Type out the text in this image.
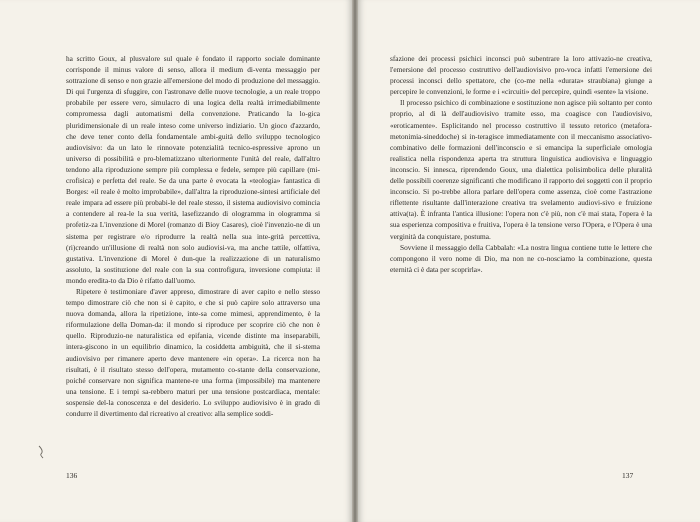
ha scritto Goux, al plusvalore sul quale è fondato il rapporto sociale dominante corrisponde il minus valore di senso, allora il medium di-venta messaggio per sottrazione di senso e non grazie all'emersione del modo di produzione del messaggio. Di qui l'urgenza di sfuggire, con l'astronave delle nuove tecnologie, a un reale troppo probabile per essere vero, simulacro di una logica della realtà irrimediabilmente compromessa dagli automatismi della convenzione. Praticando la lo-gica pluridimensionale di un reale inteso come universo indiziario. Un gioco d'azzardo, che deve tener conto della fondamentale ambi-guità dello sviluppo tecnologico audiovisivo: da un lato le rinnovate potenzialità tecnico-espressive aprono un universo di possibilità e pro-blematizzano ulteriormente l'unità del reale, dall'altro tendono alla riproduzione sempre più complessa e fedele, sempre più capillare (mi-crofisica) e perfetta del reale. Se da una parte è evocata la «teologia» fantastica di Borges: «il reale è molto improbabile», dall'altra la riproduzione-sintesi artificiale del reale impara ad essere più probabi-le del reale stesso, il sistema audiovisivo comincia a contendere al rea-le la sua verità, lasefizzando di ologramma in ologramma si profetiz-za L'invenzione di Morel (romanzo di Bioy Casares), cioè l'invenzio-ne di un sistema per registrare e/o riprodurre la realtà nella sua inte-grità percettiva, (ri)creando un'illusione di realtà non solo audiovisi-va, ma anche tattile, olfattiva, gustativa. L'invenzione di Morel è dun-que la realizzazione di un naturalismo assoluto, la sostituzione del reale con la sua controfigura, inversione compiuta: il mondo eredita-to da Dio è rifatto dall'uomo.

Ripetere è testimoniare d'aver appreso, dimostrare di aver capito e nello stesso tempo dimostrare ciò che non si è capito, e che si può capire solo attraverso una nuova domanda, allora la ripetizione, inte-sa come mimesi, apprendimento, è la riformulazione della Doman-da: il mondo si riproduce per scoprire ciò che non è quello. Riproduzio-ne naturalistica ed epifania, vicende distinte ma inseparabili, intera-giscono in un equilibrio dinamico, la cosiddetta ambiguità, che il si-stema audiovisivo per rimanere aperto deve mantenere «in opera». La ricerca non ha risultati, è il risultato stesso dell'opera, mutamento co-stante della conservazione, poiché conservare non significa mantene-re una forma (impossibile) ma mantenere una tensione. E i tempi sa-rebbero maturi per una tensione postcardiaca, mentale: sospensie del-la conoscenza e del desiderio. Lo sviluppo audiovisivo è in grado di condurre il divertimento dal ricreativo al creativo: alla semplice soddi-

136

sfazione dei processi psichici inconsci può subentrare la loro attivazio-ne creativa, l'emersione del processo costruttivo dell'audiovisivo pro-voca infatti l'emersione dei processi inconsci dello spettatore, che (co-me nella «durata» straubiana) giunge a percepire le convenzioni, le forme e i «circuiti» del percepire, quindi «sente» la visione.

Il processo psichico di combinazione e sostituzione non agisce più soltanto per conto proprio, al di là dell'audiovisivo tramite esso, ma coagisce con l'audiovisivo, «eroticamente». Esplicitando nel processo costruttivo il tessuto retorico (metafora-metonimia-sineddoche) si in-teragisce immediatamente con il meccanismo associativo-combinativo delle formazioni dell'inconscio e si emancipa la superficiale omologia realistica nella rispondenza aperta tra struttura linguistica audiovisiva e linguaggio inconscio. Si innesca, riprendendo Goux, una dialettica polisimbolica delle pluralità delle possibili coerenze significanti che modificano il rapporto dei soggetti con il proprio inconscio. Si po-trebbe allora parlare dell'opera come assenza, cioè come l'astrazione riflettente risultante dall'interazione creativa tra svelamento audiovi-sivo e fruizione attiva(ta). È infranta l'antica illusione: l'opera non c'è più, non c'è mai stata, l'opera è la sua esperienza compositiva e fruitiva, l'opera è la tensione verso l'Opera, e l'Opera è una verginità da conquistare, postuma.

Sovviene il messaggio della Cabbalah: «La nostra lingua contiene tutte le lettere che compongono il vero nome di Dio, ma non ne co-nosciamo la combinazione, questa eternità ci è data per scoprirla».

137
